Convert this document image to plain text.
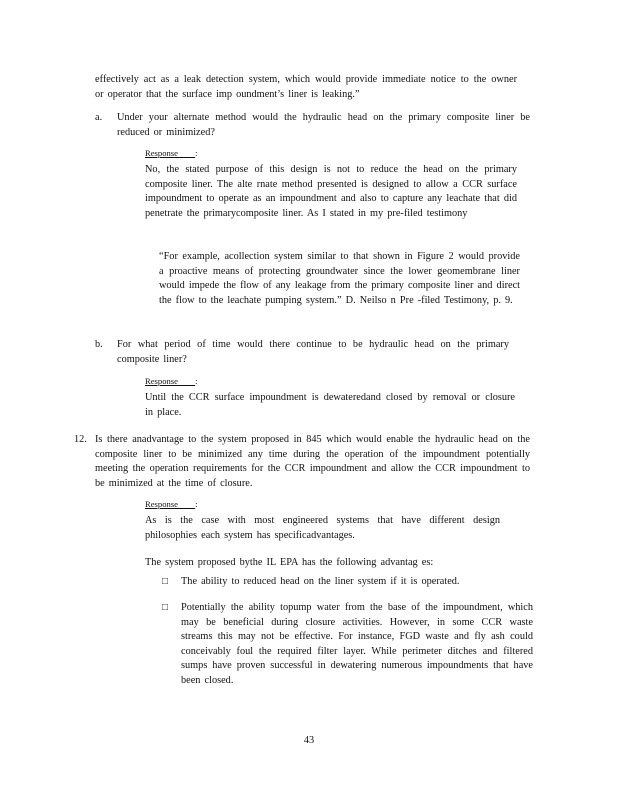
effectively act as a leak detection system, which would provide immediate notice to the owner or operator that the surface imp oundment’s liner is leaking.”
a. Under your alternate method would the hydraulic head on the primary composite liner be reduced or minimized?
Response :
No, the stated purpose of this design is not to reduce the head on the primary composite liner. The alte rnate method presented is designed to allow a CCR surface impoundment to operate as an impoundment and also to capture any leachate that did penetrate the primarycomposite liner. As I stated in my pre-filed testimony
“For example, acollection system similar to that shown in Figure 2 would provide a proactive means of protecting groundwater since the lower geomembrane liner would impede the flow of any leakage from the primary composite liner and direct the flow to the leachate pumping system.” D. Neilso n Pre -filed Testimony, p. 9.
b. For what period of time would there continue to be hydraulic head on the primary composite liner?
Response :
Until the CCR surface impoundment is dewateredand closed by removal or closure in place.
12. Is there anadvantage to the system proposed in 845 which would enable the hydraulic head on the composite liner to be minimized any time during the operation of the impoundment potentially meeting the operation requirements for the CCR impoundment and allow the CCR impoundment to be minimized at the time of closure.
Response :
As is the case with most engineered systems that have different design philosophies each system has specificadvantages.
The system proposed bythe IL EPA has the following advantag es:
□ The ability to reduced head on the liner system if it is operated.
□ Potentially the ability topump water from the base of the impoundment, which may be beneficial during closure activities. However, in some CCR waste streams this may not be effective. For instance, FGD waste and fly ash could conceivably foul the required filter layer. While perimeter ditches and filtered sumps have proven successful in dewatering numerous impoundments that have been closed.
43
